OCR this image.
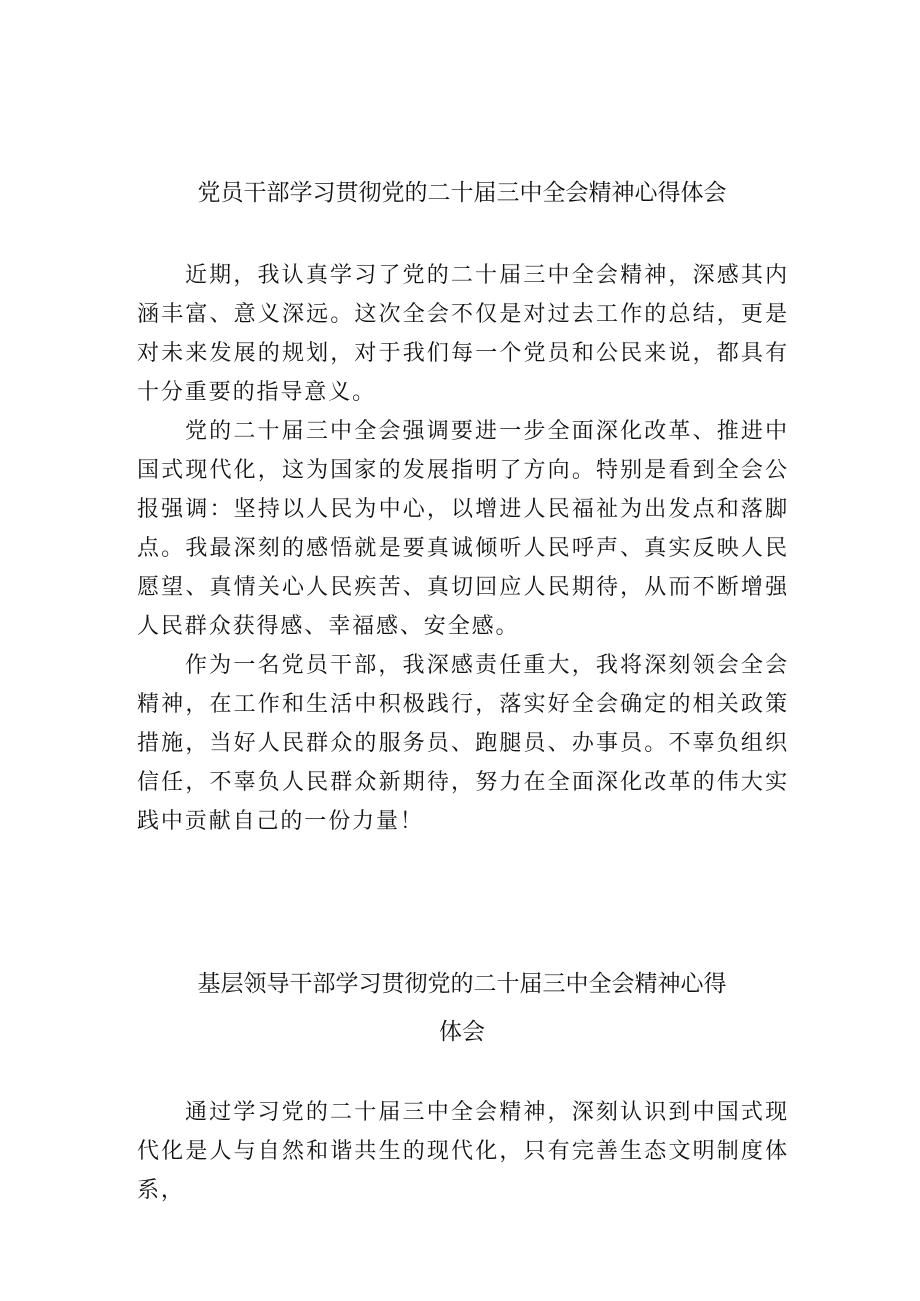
党员干部学习贯彻党的二十届三中全会精神心得体会

近期，我认真学习了党的二十届三中全会精神，深感其内涵丰富、意义深远。这次全会不仅是对过去工作的总结，更是对未来发展的规划，对于我们每一个党员和公民来说，都具有十分重要的指导意义。

党的二十届三中全会强调要进一步全面深化改革、推进中国式现代化，这为国家的发展指明了方向。特别是看到全会公报强调：坚持以人民为中心，以增进人民福祉为出发点和落脚点。我最深刻的感悟就是要真诚倾听人民呼声、真实反映人民愿望、真情关心人民疾苦、真切回应人民期待，从而不断增强人民群众获得感、幸福感、安全感。

作为一名党员干部，我深感责任重大，我将深刻领会全会精神，在工作和生活中积极践行，落实好全会确定的相关政策措施，当好人民群众的服务员、跑腿员、办事员。不辜负组织信任，不辜负人民群众新期待，努力在全面深化改革的伟大实践中贡献自己的一份力量！

基层领导干部学习贯彻党的二十届三中全会精神心得
体会

通过学习党的二十届三中全会精神，深刻认识到中国式现代化是人与自然和谐共生的现代化，只有完善生态文明制度体系，
